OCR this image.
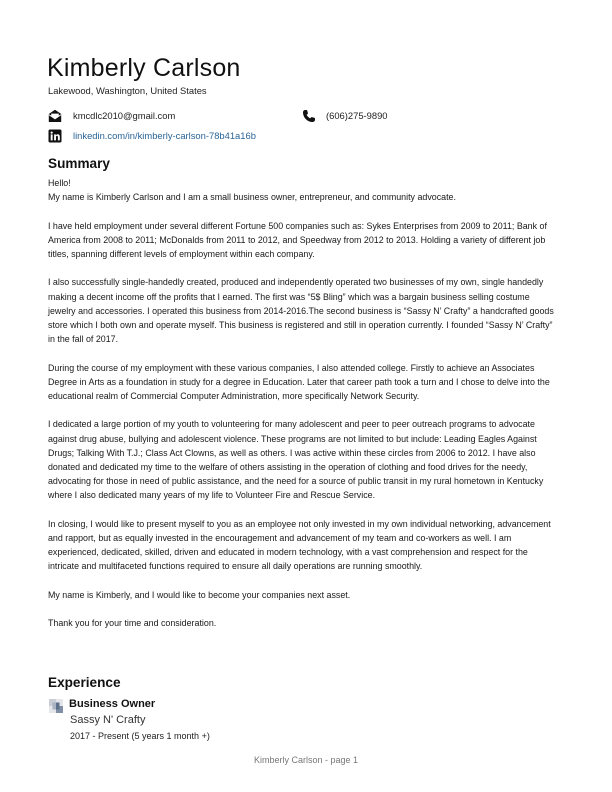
Kimberly Carlson
Lakewood, Washington, United States
kmcdlc2010@gmail.com	(606)275-9890
linkedin.com/in/kimberly-carlson-78b41a16b
Summary
Hello!

My name is Kimberly Carlson and I am a small business owner, entrepreneur, and community advocate.

I have held employment under several different Fortune 500 companies such as: Sykes Enterprises from 2009 to 2011; Bank of America from 2008 to 2011; McDonalds from 2011 to 2012, and Speedway from 2012 to 2013. Holding a variety of different job titles, spanning different levels of employment within each company.

I also successfully single-handedly created, produced and independently operated two businesses of my own, single handedly making a decent income off the profits that I earned. The first was “5$ Bling” which was a bargain business selling costume jewelry and accessories. I operated this business from 2014-2016.The second business is “Sassy N’ Crafty” a handcrafted goods store which I both own and operate myself. This business is registered and still in operation currently. I founded “Sassy N’ Crafty” in the fall of 2017.

During the course of my employment with these various companies, I also attended college. Firstly to achieve an Associates Degree in Arts as a foundation in study for a degree in Education. Later that career path took a turn and I chose to delve into the educational realm of Commercial Computer Administration, more specifically Network Security.

I dedicated a large portion of my youth to volunteering for many adolescent and peer to peer outreach programs to advocate against drug abuse, bullying and adolescent violence. These programs are not limited to but include: Leading Eagles Against Drugs; Talking With T.J.; Class Act Clowns, as well as others. I was active within these circles from 2006 to 2012. I have also donated and dedicated my time to the welfare of others assisting in the operation of clothing and food drives for the needy, advocating for those in need of public assistance, and the need for a source of public transit in my rural hometown in Kentucky where I also dedicated many years of my life to Volunteer Fire and Rescue Service.

In closing, I would like to present myself to you as an employee not only invested in my own individual networking, advancement and rapport, but as equally invested in the encouragement and advancement of my team and co-workers as well. I am experienced, dedicated, skilled, driven and educated in modern technology, with a vast comprehension and respect for the intricate and multifaceted functions required to ensure all daily operations are running smoothly.

My name is Kimberly, and I would like to become your companies next asset.

Thank you for your time and consideration.

Experience
Business Owner
Sassy N' Crafty
2017 - Present (5 years 1 month +)
Kimberly Carlson - page 1
